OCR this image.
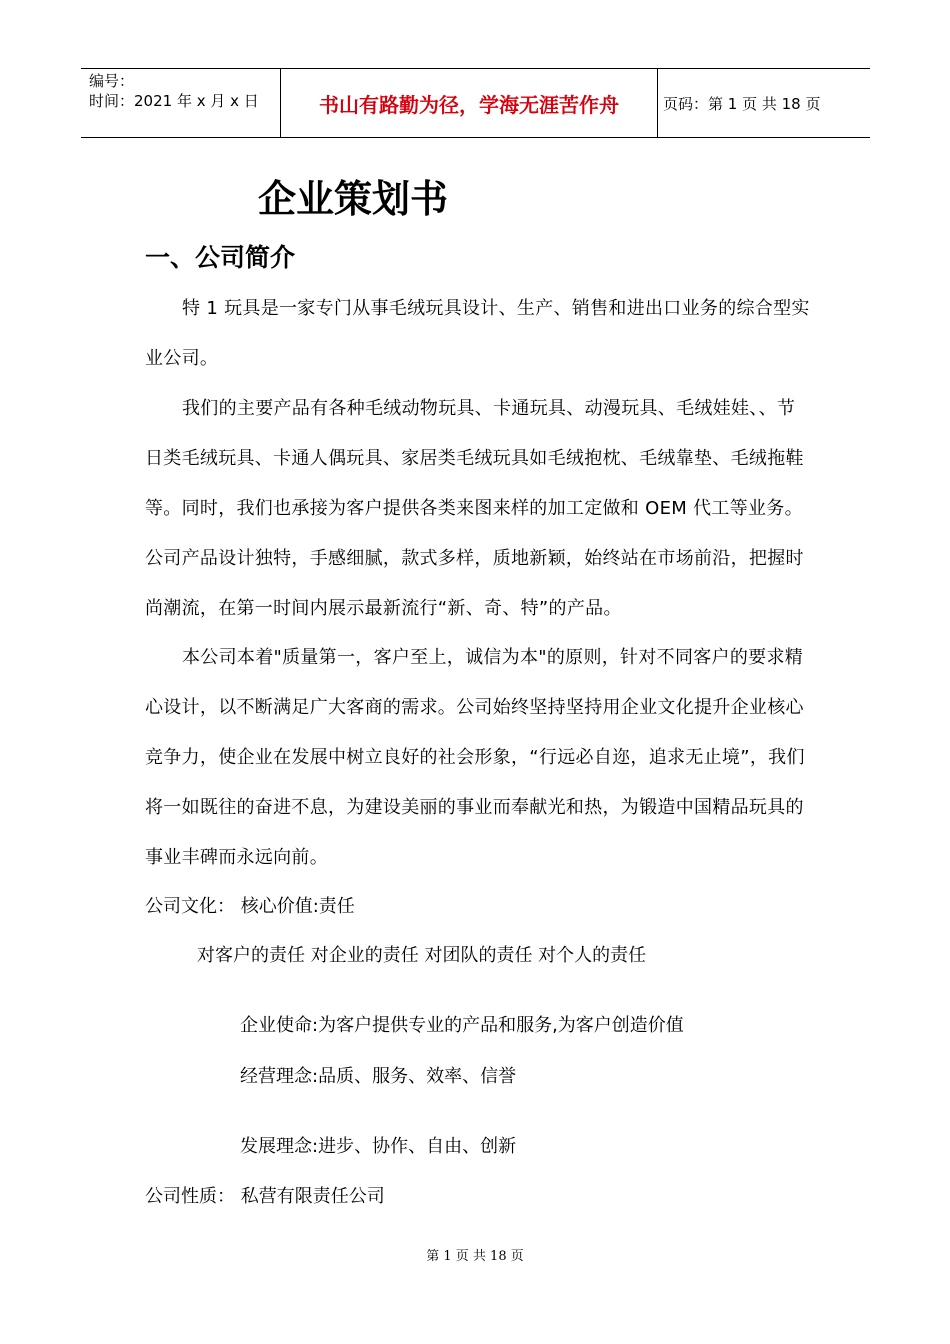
编号：
时间：2021 年 x 月 x 日	书山有路勤为径，学海无涯苦作舟	页码：第 1 页 共 18 页
企业策划书
一、公司简介

特 1 玩具是一家专门从事毛绒玩具设计、生产、销售和进出口业务的综合型实业公司。

我们的主要产品有各种毛绒动物玩具、卡通玩具、动漫玩具、毛绒娃娃、、节日类毛绒玩具、卡通人偶玩具、家居类毛绒玩具如毛绒抱枕、毛绒靠垫、毛绒拖鞋等。同时，我们也承接为客户提供各类来图来样的加工定做和 OEM 代工等业务。公司产品设计独特，手感细腻，款式多样，质地新颖，始终站在市场前沿，把握时尚潮流，在第一时间内展示最新流行“新、奇、特”的产品。

本公司本着"质量第一，客户至上，诚信为本"的原则，针对不同客户的要求精心设计，以不断满足广大客商的需求。公司始终坚持坚持用企业文化提升企业核心竞争力，使企业在发展中树立良好的社会形象，“行远必自迩，追求无止境”，我们将一如既往的奋进不息，为建设美丽的事业而奉献光和热，为锻造中国精品玩具的事业丰碑而永远向前。

公司文化： 核心价值:责任
对客户的责任 对企业的责任 对团队的责任 对个人的责任
企业使命:为客户提供专业的产品和服务,为客户创造价值
经营理念:品质、服务、效率、信誉
发展理念:进步、协作、自由、创新
公司性质： 私营有限责任公司
第 1 页 共 18 页
